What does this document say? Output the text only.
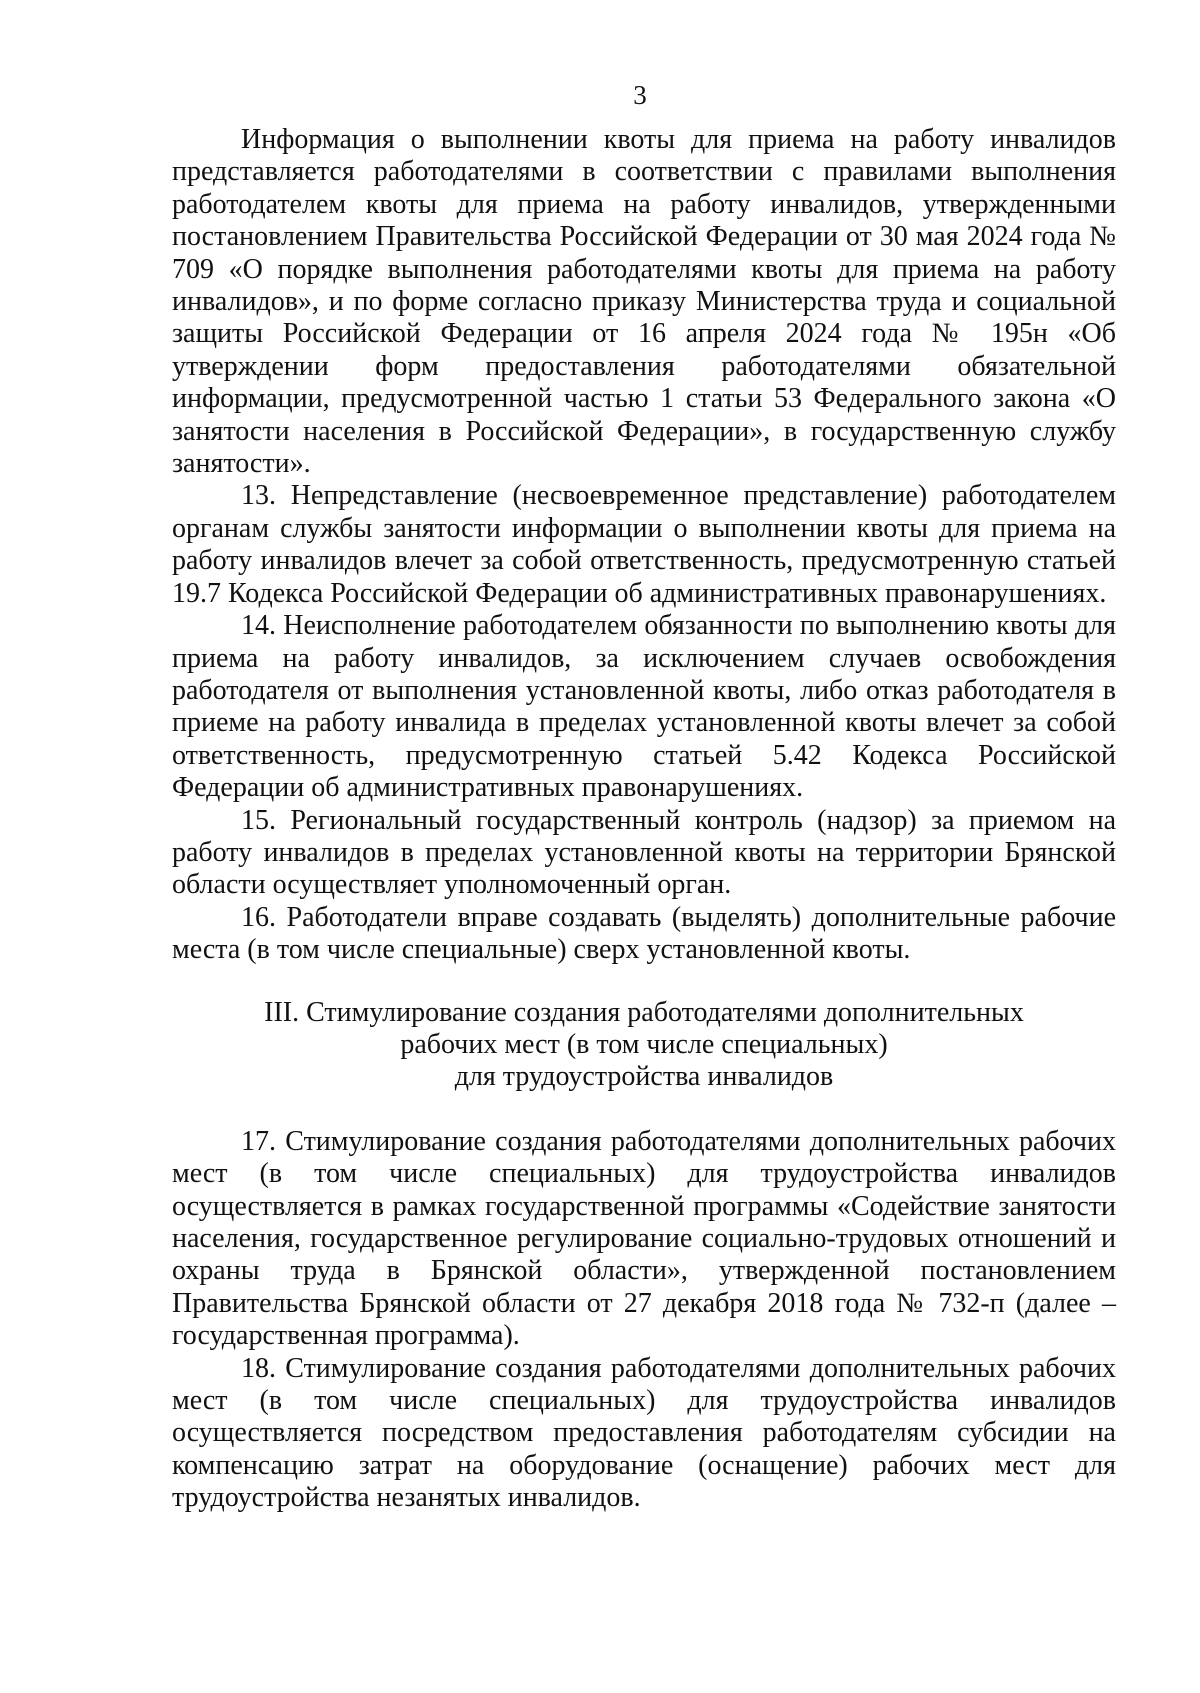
3

Информация о выполнении квоты для приема на работу инвалидов представляется работодателями в соответствии с правилами выполнения работодателем квоты для приема на работу инвалидов, утвержденными постановлением Правительства Российской Федерации от 30 мая 2024 года № 709 «О порядке выполнения работодателями квоты для приема на работу инвалидов», и по форме согласно приказу Министерства труда и социальной защиты Российской Федерации от 16 апреля 2024 года № 195н «Об утверждении форм предоставления работодателями обязательной информации, предусмотренной частью 1 статьи 53 Федерального закона «О занятости населения в Российской Федерации», в государственную службу занятости».

13. Непредставление (несвоевременное представление) работодателем органам службы занятости информации о выполнении квоты для приема на работу инвалидов влечет за собой ответственность, предусмотренную статьей 19.7 Кодекса Российской Федерации об административных правонарушениях.

14. Неисполнение работодателем обязанности по выполнению квоты для приема на работу инвалидов, за исключением случаев освобождения работодателя от выполнения установленной квоты, либо отказ работодателя в приеме на работу инвалида в пределах установленной квоты влечет за собой ответственность, предусмотренную статьей 5.42 Кодекса Российской Федерации об административных правонарушениях.

15. Региональный государственный контроль (надзор) за приемом на работу инвалидов в пределах установленной квоты на территории Брянской области осуществляет уполномоченный орган.

16. Работодатели вправе создавать (выделять) дополнительные рабочие места (в том числе специальные) сверх установленной квоты.

III. Стимулирование создания работодателями дополнительных
рабочих мест (в том числе специальных)
для трудоустройства инвалидов

17. Стимулирование создания работодателями дополнительных рабочих мест (в том числе специальных) для трудоустройства инвалидов осуществляется в рамках государственной программы «Содействие занятости населения, государственное регулирование социально-трудовых отношений и охраны труда в Брянской области», утвержденной постановлением Правительства Брянской области от 27 декабря 2018 года № 732-п (далее – государственная программа).

18. Стимулирование создания работодателями дополнительных рабочих мест (в том числе специальных) для трудоустройства инвалидов осуществляется посредством предоставления работодателям субсидии на компенсацию затрат на оборудование (оснащение) рабочих мест для трудоустройства незанятых инвалидов.
